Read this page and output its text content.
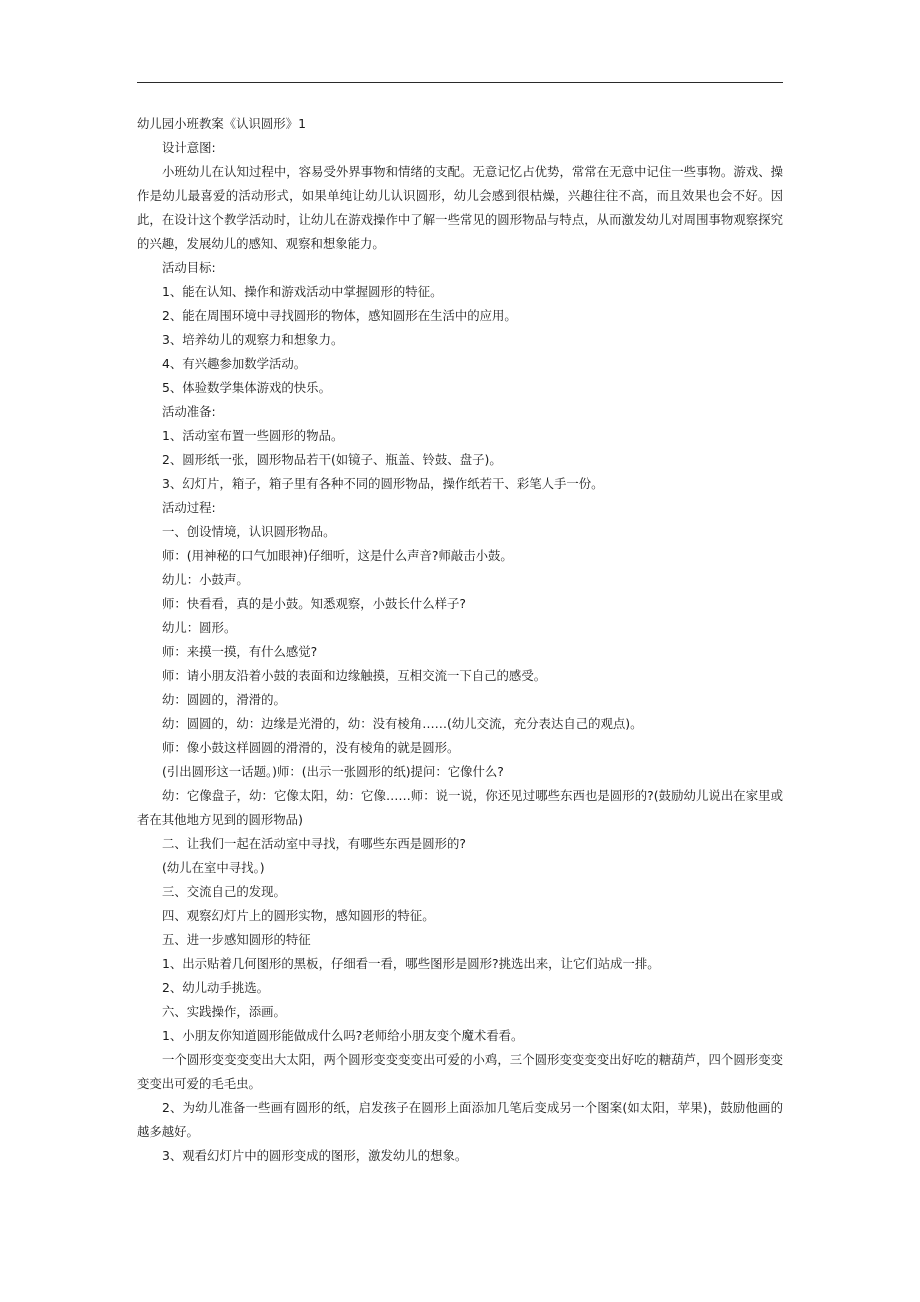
幼儿园小班教案《认识圆形》1

设计意图:

小班幼儿在认知过程中，容易受外界事物和情绪的支配。无意记忆占优势，常常在无意中记住一些事物。游戏、操作是幼儿最喜爱的活动形式，如果单纯让幼儿认识圆形，幼儿会感到很枯燥，兴趣往往不高，而且效果也会不好。因此，在设计这个教学活动时，让幼儿在游戏操作中了解一些常见的圆形物品与特点，从而激发幼儿对周围事物观察探究的兴趣，发展幼儿的感知、观察和想象能力。

活动目标:

1、能在认知、操作和游戏活动中掌握圆形的特征。

2、能在周围环境中寻找圆形的物体，感知圆形在生活中的应用。

3、培养幼儿的观察力和想象力。

4、有兴趣参加数学活动。

5、体验数学集体游戏的快乐。

活动准备:

1、活动室布置一些圆形的物品。

2、圆形纸一张，圆形物品若干(如镜子、瓶盖、铃鼓、盘子)。

3、幻灯片，箱子，箱子里有各种不同的圆形物品，操作纸若干、彩笔人手一份。

活动过程:

一、创设情境，认识圆形物品。

师：(用神秘的口气加眼神)仔细听，这是什么声音?师敲击小鼓。

幼儿：小鼓声。

师：快看看，真的是小鼓。知悉观察，小鼓长什么样子?

幼儿：圆形。

师：来摸一摸，有什么感觉?

师：请小朋友沿着小鼓的表面和边缘触摸，互相交流一下自己的感受。

幼：圆圆的，滑滑的。

幼：圆圆的，幼：边缘是光滑的，幼：没有棱角……(幼儿交流，充分表达自己的观点)。

师：像小鼓这样圆圆的滑滑的，没有棱角的就是圆形。

(引出圆形这一话题。)师：(出示一张圆形的纸)提问：它像什么?

幼：它像盘子，幼：它像太阳，幼：它像……师：说一说，你还见过哪些东西也是圆形的?(鼓励幼儿说出在家里或者在其他地方见到的圆形物品)

二、让我们一起在活动室中寻找，有哪些东西是圆形的?

(幼儿在室中寻找。)

三、交流自己的发现。

四、观察幻灯片上的圆形实物，感知圆形的特征。

五、进一步感知圆形的特征

1、出示贴着几何图形的黑板，仔细看一看，哪些图形是圆形?挑选出来，让它们站成一排。

2、幼儿动手挑选。

六、实践操作，添画。

1、小朋友你知道圆形能做成什么吗?老师给小朋友变个魔术看看。

一个圆形变变变变出大太阳，两个圆形变变变变出可爱的小鸡，三个圆形变变变变出好吃的糖葫芦，四个圆形变变变变出可爱的毛毛虫。

2、为幼儿准备一些画有圆形的纸，启发孩子在圆形上面添加几笔后变成另一个图案(如太阳，苹果)，鼓励他画的越多越好。

3、观看幻灯片中的圆形变成的图形，激发幼儿的想象。
